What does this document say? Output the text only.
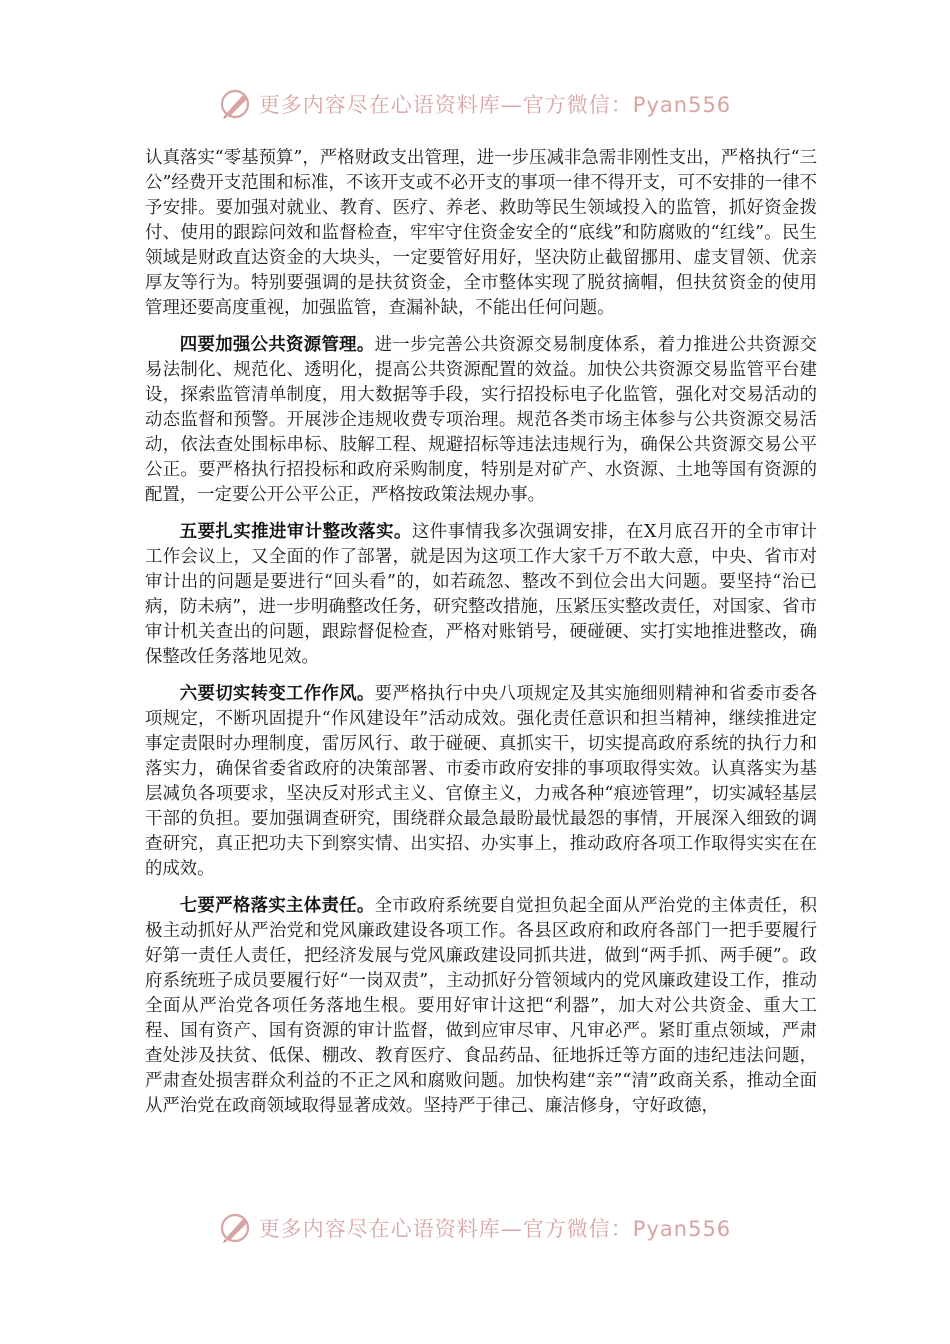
更多内容尽在心语资料库—官方微信：Pyan556

认真落实“零基预算”，严格财政支出管理，进一步压减非急需非刚性支出，严格执行“三公”经费开支范围和标准，不该开支或不必开支的事项一律不得开支，可不安排的一律不予安排。要加强对就业、教育、医疗、养老、救助等民生领域投入的监管，抓好资金拨付、使用的跟踪问效和监督检查，牢牢守住资金安全的“底线”和防腐败的“红线”。民生领域是财政直达资金的大块头，一定要管好用好，坚决防止截留挪用、虚支冒领、优亲厚友等行为。特别要强调的是扶贫资金，全市整体实现了脱贫摘帽，但扶贫资金的使用管理还要高度重视，加强监管，查漏补缺，不能出任何问题。

四要加强公共资源管理。进一步完善公共资源交易制度体系，着力推进公共资源交易法制化、规范化、透明化，提高公共资源配置的效益。加快公共资源交易监管平台建设，探索监管清单制度，用大数据等手段，实行招投标电子化监管，强化对交易活动的动态监督和预警。开展涉企违规收费专项治理。规范各类市场主体参与公共资源交易活动，依法查处围标串标、肢解工程、规避招标等违法违规行为，确保公共资源交易公平公正。要严格执行招投标和政府采购制度，特别是对矿产、水资源、土地等国有资源的配置，一定要公开公平公正，严格按政策法规办事。

五要扎实推进审计整改落实。这件事情我多次强调安排，在X月底召开的全市审计工作会议上，又全面的作了部署，就是因为这项工作大家千万不敢大意，中央、省市对审计出的问题是要进行“回头看”的，如若疏忽、整改不到位会出大问题。要坚持“治已病，防未病”，进一步明确整改任务，研究整改措施，压紧压实整改责任，对国家、省市审计机关查出的问题，跟踪督促检查，严格对账销号，硬碰硬、实打实地推进整改，确保整改任务落地见效。

六要切实转变工作作风。要严格执行中央八项规定及其实施细则精神和省委市委各项规定，不断巩固提升“作风建设年”活动成效。强化责任意识和担当精神，继续推进定事定责限时办理制度，雷厉风行、敢于碰硬、真抓实干，切实提高政府系统的执行力和落实力，确保省委省政府的决策部署、市委市政府安排的事项取得实效。认真落实为基层减负各项要求，坚决反对形式主义、官僚主义，力戒各种“痕迹管理”，切实减轻基层干部的负担。要加强调查研究，围绕群众最急最盼最忧最怨的事情，开展深入细致的调查研究，真正把功夫下到察实情、出实招、办实事上，推动政府各项工作取得实实在在的成效。

七要严格落实主体责任。全市政府系统要自觉担负起全面从严治党的主体责任，积极主动抓好从严治党和党风廉政建设各项工作。各县区政府和政府各部门一把手要履行好第一责任人责任，把经济发展与党风廉政建设同抓共进，做到“两手抓、两手硬”。政府系统班子成员要履行好“一岗双责”，主动抓好分管领域内的党风廉政建设工作，推动全面从严治党各项任务落地生根。要用好审计这把“利器”，加大对公共资金、重大工程、国有资产、国有资源的审计监督，做到应审尽审、凡审必严。紧盯重点领域，严肃查处涉及扶贫、低保、棚改、教育医疗、食品药品、征地拆迁等方面的违纪违法问题，严肃查处损害群众利益的不正之风和腐败问题。加快构建“亲”“清”政商关系，推动全面从严治党在政商领域取得显著成效。坚持严于律己、廉洁修身，守好政德，

更多内容尽在心语资料库—官方微信：Pyan556
